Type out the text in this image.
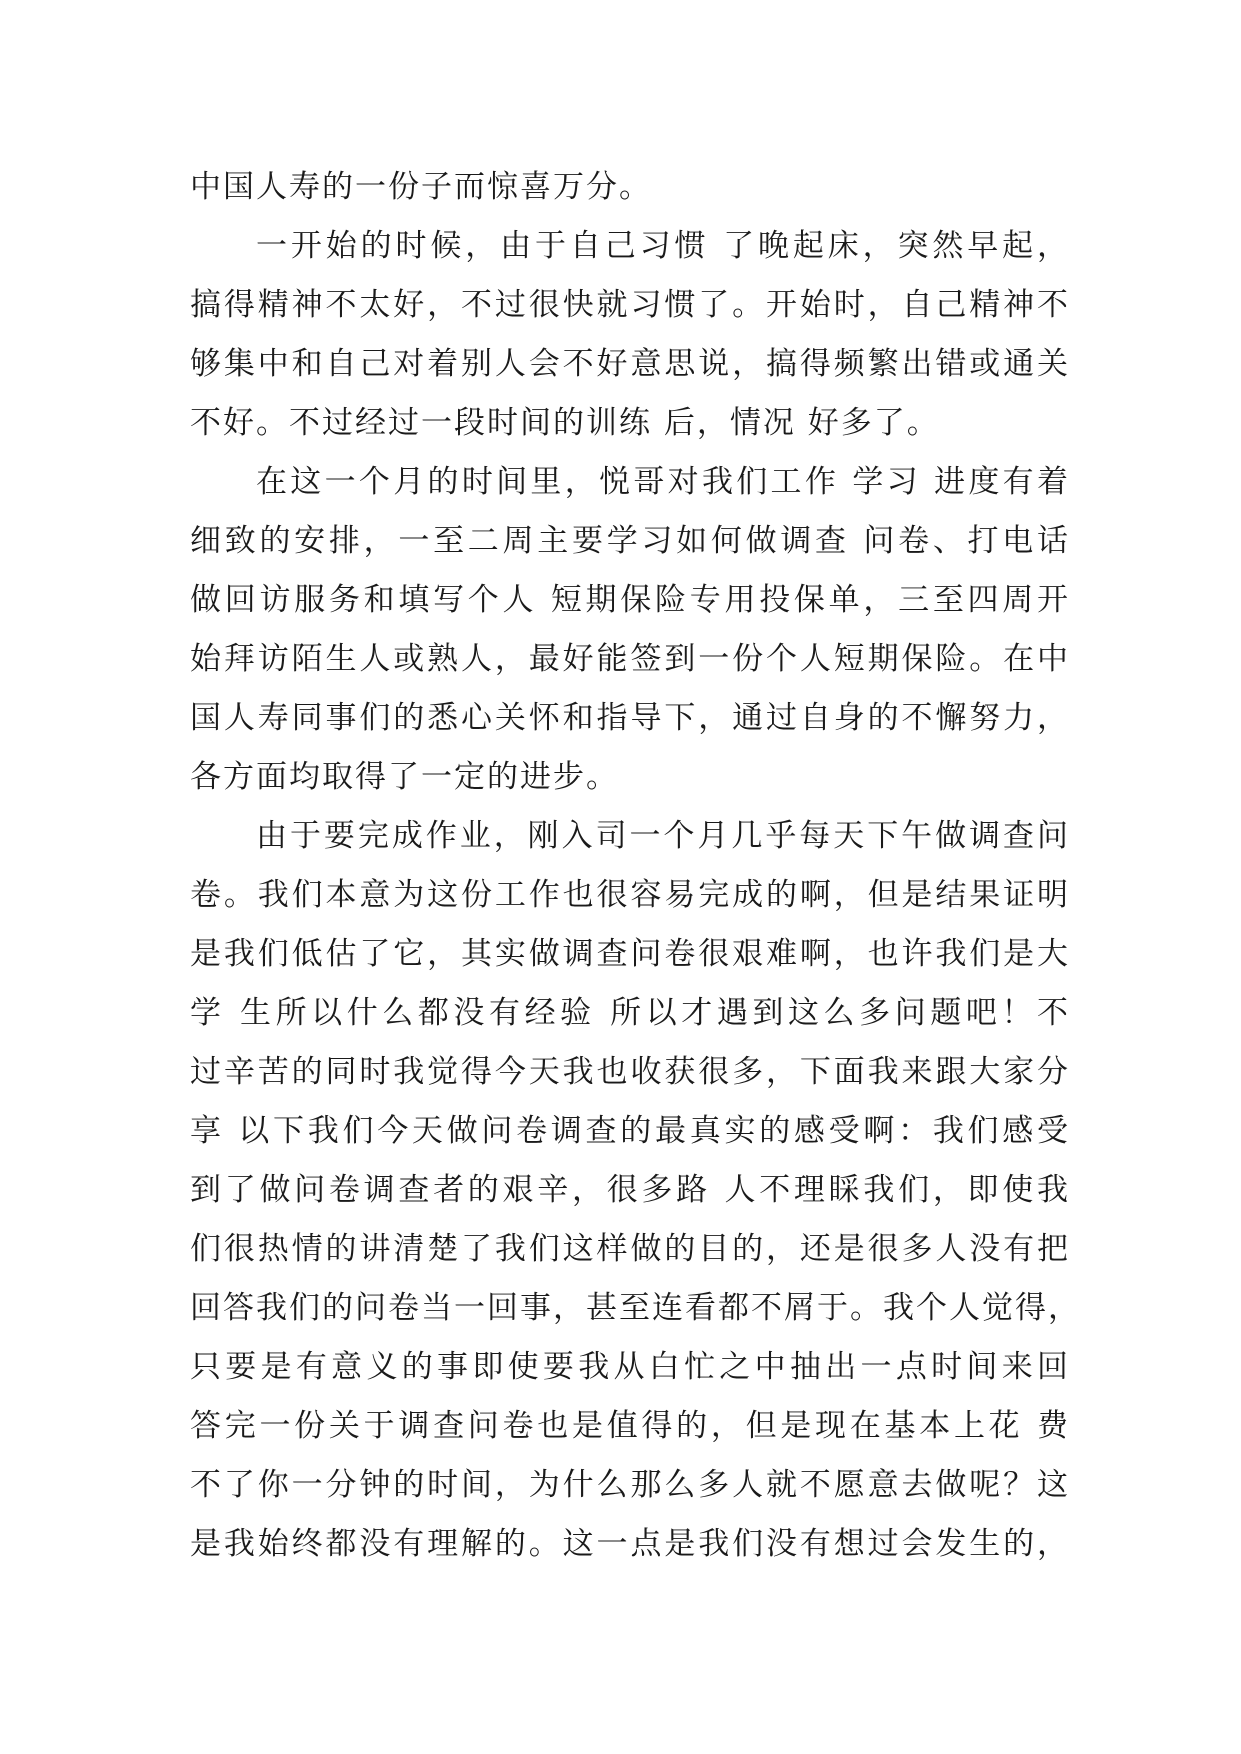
中国人寿的一份子而惊喜万分。
一开始的时候，由于自己习惯 了晚起床，突然早起，
搞得精神不太好，不过很快就习惯了。开始时，自己精神不
够集中和自己对着别人会不好意思说，搞得频繁出错或通关
不好。不过经过一段时间的训练 后，情况 好多了。
在这一个月的时间里，悦哥对我们工作 学习 进度有着
细致的安排，一至二周主要学习如何做调查 问卷、打电话
做回访服务和填写个人 短期保险专用投保单，三至四周开
始拜访陌生人或熟人，最好能签到一份个人短期保险。在中
国人寿同事们的悉心关怀和指导下，通过自身的不懈努力，
各方面均取得了一定的进步。
由于要完成作业，刚入司一个月几乎每天下午做调查问
卷。我们本意为这份工作也很容易完成的啊，但是结果证明
是我们低估了它，其实做调查问卷很艰难啊，也许我们是大
学 生所以什么都没有经验 所以才遇到这么多问题吧！不
过辛苦的同时我觉得今天我也收获很多，下面我来跟大家分
享 以下我们今天做问卷调查的最真实的感受啊：我们感受
到了做问卷调查者的艰辛，很多路 人不理睬我们，即使我
们很热情的讲清楚了我们这样做的目的，还是很多人没有把
回答我们的问卷当一回事，甚至连看都不屑于。我个人觉得，
只要是有意义的事即使要我从白忙之中抽出一点时间来回
答完一份关于调查问卷也是值得的，但是现在基本上花 费
不了你一分钟的时间，为什么那么多人就不愿意去做呢？这
是我始终都没有理解的。这一点是我们没有想过会发生的，
